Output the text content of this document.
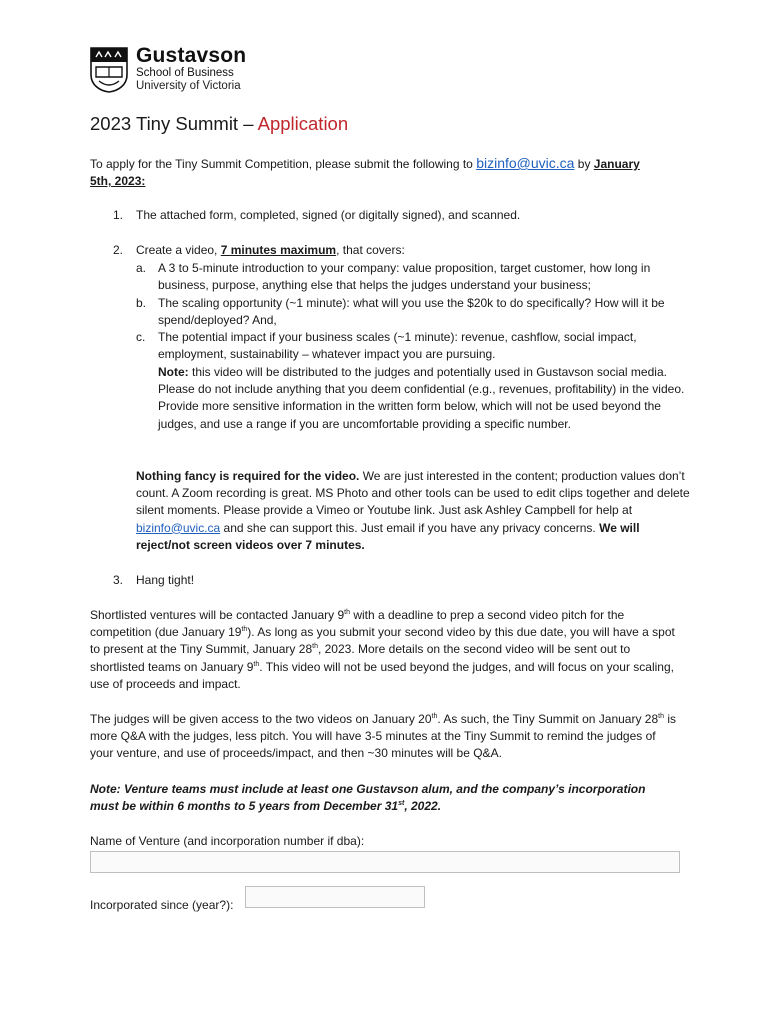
Gustavson
School of Business
University of Victoria
2023 Tiny Summit – Application
To apply for the Tiny Summit Competition, please submit the following to bizinfo@uvic.ca by January
5th, 2023:
1. The attached form, completed, signed (or digitally signed), and scanned.
2. Create a video, 7 minutes maximum, that covers:
a. A 3 to 5-minute introduction to your company: value proposition, target customer, how long in business, purpose, anything else that helps the judges understand your business;
b. The scaling opportunity (~1 minute): what will you use the $20k to do specifically? How will it be spend/deployed? And,
c. The potential impact if your business scales (~1 minute): revenue, cashflow, social impact, employment, sustainability – whatever impact you are pursuing.
Note: this video will be distributed to the judges and potentially used in Gustavson social media. Please do not include anything that you deem confidential (e.g., revenues, profitability) in the video. Provide more sensitive information in the written form below, which will not be used beyond the judges, and use a range if you are uncomfortable providing a specific number.
Nothing fancy is required for the video. We are just interested in the content; production values don’t count. A Zoom recording is great. MS Photo and other tools can be used to edit clips together and delete silent moments. Please provide a Vimeo or Youtube link. Just ask Ashley Campbell for help at bizinfo@uvic.ca and she can support this. Just email if you have any privacy concerns. We will reject/not screen videos over 7 minutes.
3. Hang tight!
Shortlisted ventures will be contacted January 9th with a deadline to prep a second video pitch for the competition (due January 19th). As long as you submit your second video by this due date, you will have a spot to present at the Tiny Summit, January 28th, 2023. More details on the second video will be sent out to shortlisted teams on January 9th. This video will not be used beyond the judges, and will focus on your scaling, use of proceeds and impact.
The judges will be given access to the two videos on January 20th. As such, the Tiny Summit on January 28th is more Q&A with the judges, less pitch. You will have 3-5 minutes at the Tiny Summit to remind the judges of your venture, and use of proceeds/impact, and then ~30 minutes will be Q&A.
Note: Venture teams must include at least one Gustavson alum, and the company’s incorporation must be within 6 months to 5 years from December 31st, 2022.
Name of Venture (and incorporation number if dba):
Incorporated since (year?):
